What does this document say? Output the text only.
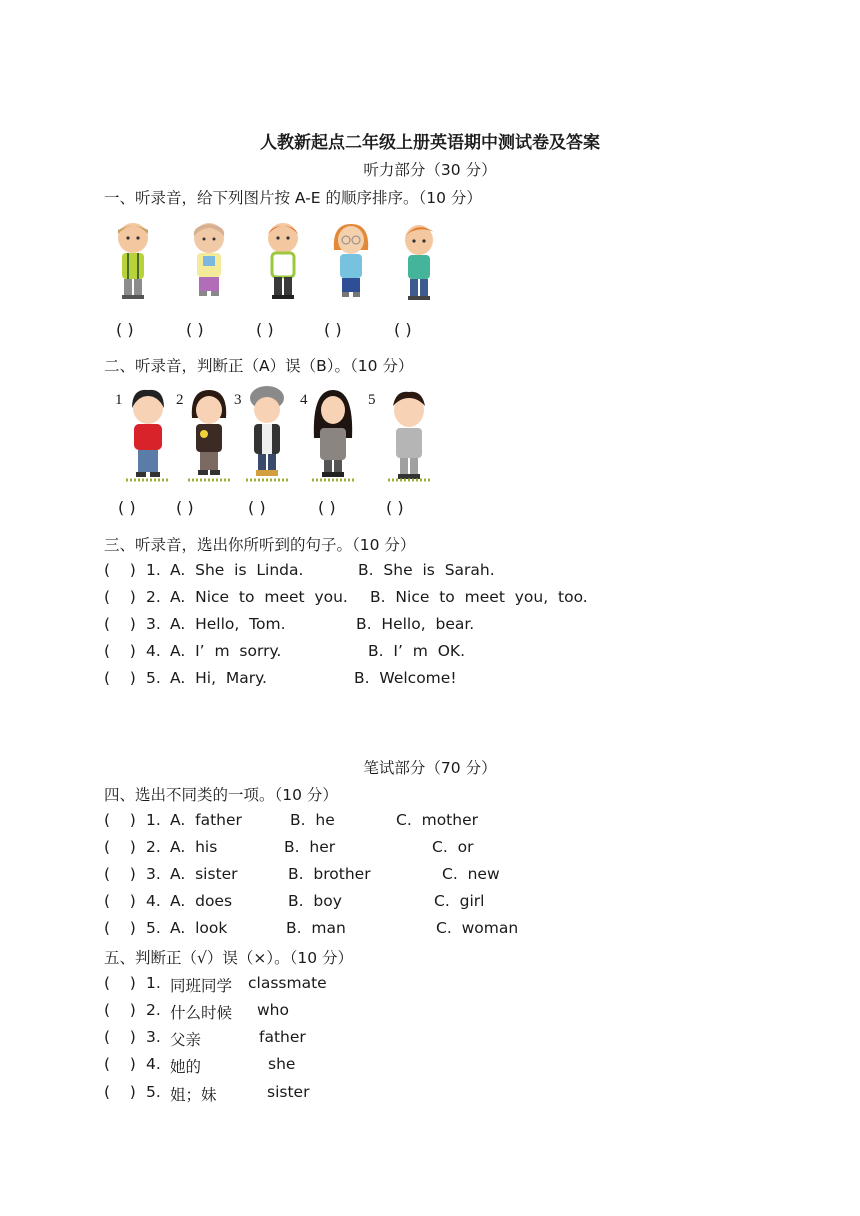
人教新起点二年级上册英语期中测试卷及答案
听力部分（30 分）
一、听录音，给下列图片按 A-E 的顺序排序。（10 分）
( )	( )	( )	( )	( )
二、听录音，判断正（A）误（B）。（10 分）
1	2	3	4	5
( )	( )	( )	( )	( )
三、听录音，选出你所听到的句子。（10 分）
(    ) 1. A.  She  is  Linda.	B.  She  is  Sarah.
(    ) 2. A.  Nice  to  meet  you. B.  Nice  to  meet  you,  too.
(    ) 3. A.  Hello,  Tom.	B.  Hello,  bear.
(    ) 4. A.  I’  m  sorry.	B.  I’  m  OK.
(    ) 5. A.  Hi,  Mary.	B.  Welcome!
笔试部分（70 分）
四、选出不同类的一项。（10 分）
(    ) 1. A.  father	B.  he	C.  mother
(    ) 2. A.  his	B.  her	C.  or
(    ) 3. A.  sister	B.  brother	C.  new
(    ) 4. A.  does	B.  boy	C.  girl
(    ) 5. A.  look	B.  man	C.  woman
五、判断正（√）误（×）。（10 分）
(    ) 1. 同班同学 classmate
(    ) 2. 什么时候 who
(    ) 3. 父亲	father
(    ) 4. 她的	she
(    ) 5. 姐；妹	sister
